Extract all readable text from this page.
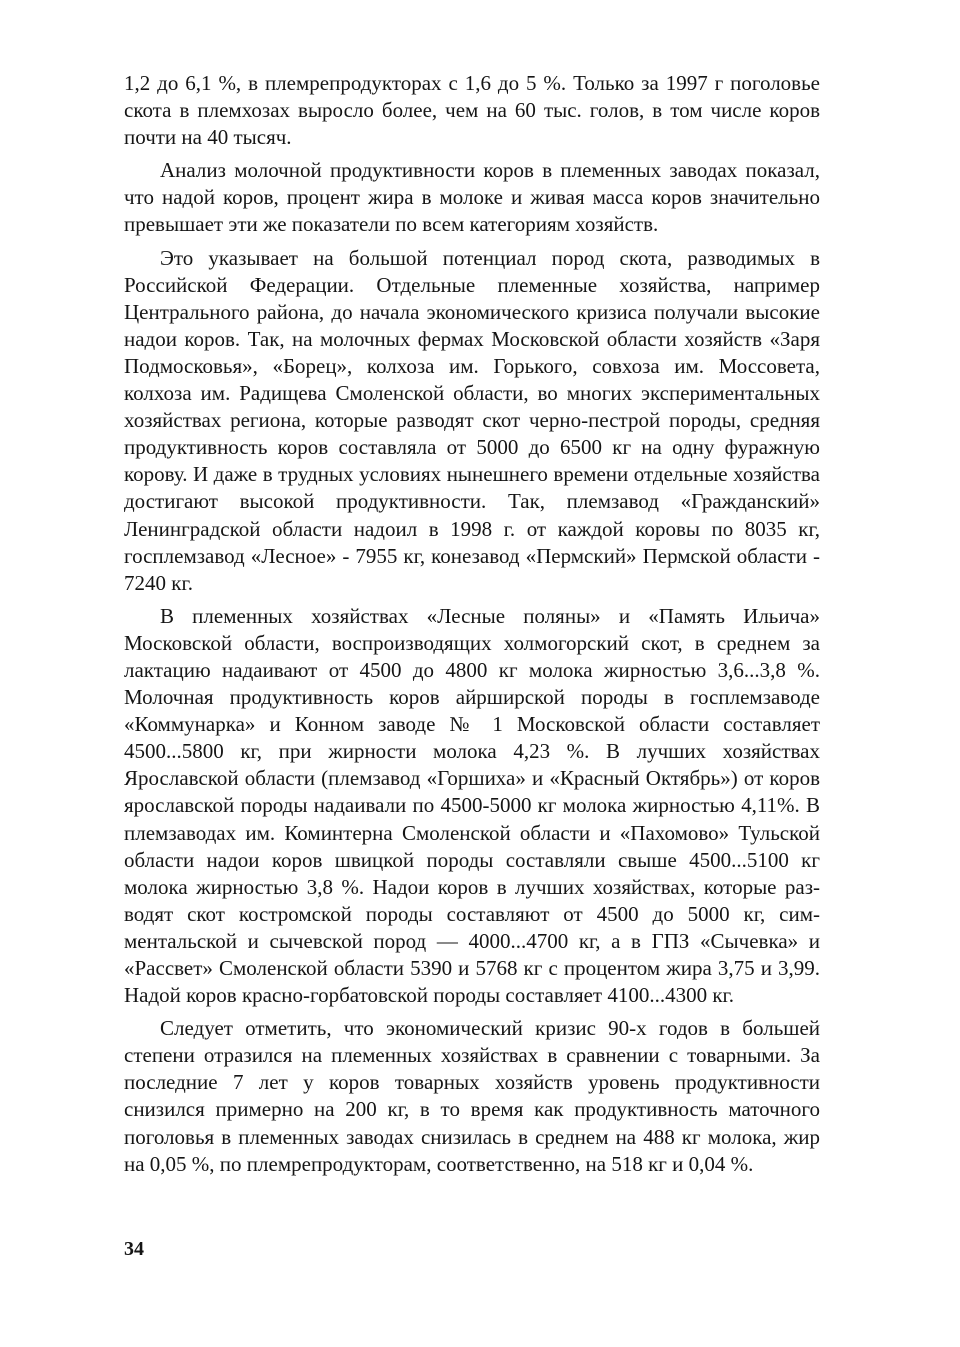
1,2 до 6,1 %, в племрепродукторах с 1,6 до 5 %. Только за 1997 г поголовье скота в племхозах выросло более, чем на 60 тыс. голов, в том числе коров почти на 40 тысяч.

Анализ молочной продуктивности коров в племенных заводах показал, что надой коров, процент жира в молоке и живая масса коров значительно превышает эти же показатели по всем категориям хозяйств.

Это указывает на большой потенциал пород скота, разводимых в Российской Федерации. Отдельные племенные хозяйства, например Центрального района, до начала экономического кризиса получали высокие надои коров. Так, на молочных фермах Московской области хозяйств «Заря Подмосковья», «Борец», колхоза им. Горького, совхоза им. Моссовета, колхоза им. Радищева Смоленской области, во многих экспериментальных хозяйствах региона, которые разводят скот черно-пестрой породы, средняя продуктивность коров составляла от 5000 до 6500 кг на одну фуражную корову. И даже в трудных условиях нынешнего времени отдельные хозяйства достигают высокой продуктивности. Так, племзавод «Гражданский» Ленинградской области надоил в 1998 г. от каждой коровы по 8035 кг, госплемзавод «Лесное» - 7955 кг, конезавод «Пермский» Пермской области - 7240 кг.

В племенных хозяйствах «Лесные поляны» и «Память Ильича» Московской области, воспроизводящих холмогорский скот, в среднем за лактацию надаивают от 4500 до 4800 кг молока жирностью 3,6...3,8 %. Молочная продуктивность коров айрширской породы в госплемзаводе «Коммунарка» и Конном заводе № 1 Московской области составляет 4500...5800 кг, при жирности молока 4,23 %. В лучших хозяйствах Ярославской области (племзавод «Горшиха» и «Красный Октябрь») от коров ярославской породы надаивали по 4500-5000 кг молока жирностью 4,11%. В племзаводах им. Коминтерна Смоленской области и «Пахомово» Тульской области надои коров швицкой породы составляли свыше 4500...5100 кг молока жирностью 3,8 %. Надои коров в лучших хозяйствах, которые разводят скот костромской породы составляют от 4500 до 5000 кг, симментальской и сычевской пород — 4000...4700 кг, а в ГПЗ «Сычевка» и «Рассвет» Смоленской области 5390 и 5768 кг с процентом жира 3,75 и 3,99. Надой коров красно-горбатовской породы составляет 4100...4300 кг.

Следует отметить, что экономический кризис 90-х годов в большей степени отразился на племенных хозяйствах в сравнении с товарными. За последние 7 лет у коров товарных хозяйств уровень продуктивности снизился примерно на 200 кг, в то время как продуктивность маточного поголовья в племенных заводах снизилась в среднем на 488 кг молока, жир на 0,05 %, по племрепродукторам, соответственно, на 518 кг и 0,04 %.

34
